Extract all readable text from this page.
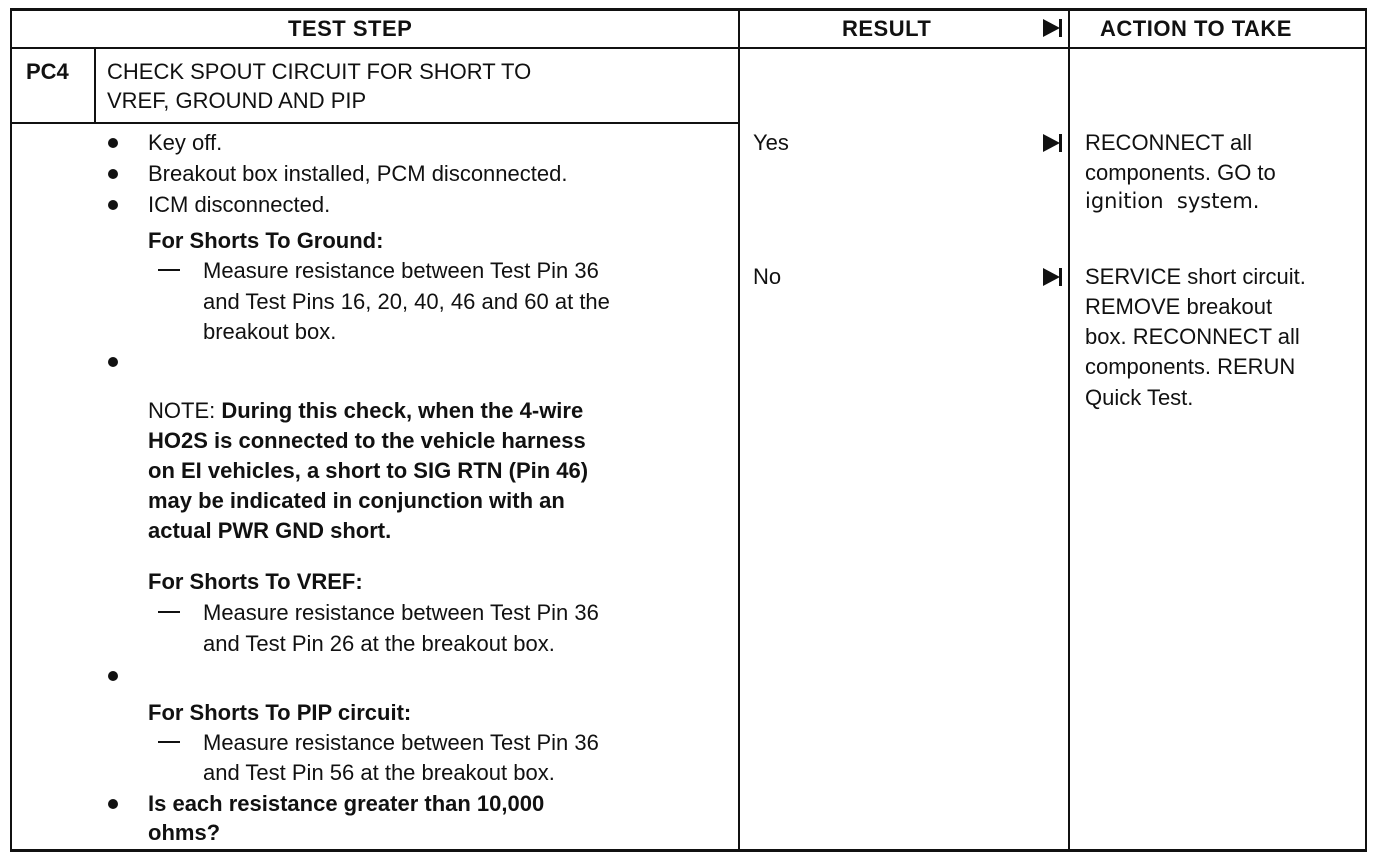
TEST STEP	RESULT	ACTION TO TAKE
PC4 CHECK SPOUT CIRCUIT FOR SHORT TO
VREF, GROUND AND PIP
Key off.
Breakout box installed, PCM disconnected.
ICM disconnected.
For Shorts To Ground:
Measure resistance between Test Pin 36
and Test Pins 16, 20, 40, 46 and 60 at the
breakout box.
NOTE: During this check, when the 4-wire
HO2S is connected to the vehicle harness
on EI vehicles, a short to SIG RTN (Pin 46)
may be indicated in conjunction with an
actual PWR GND short.
For Shorts To VREF:
Measure resistance between Test Pin 36
and Test Pin 26 at the breakout box.
For Shorts To PIP circuit:
Measure resistance between Test Pin 36
and Test Pin 56 at the breakout box.
Is each resistance greater than 10,000
ohms?
Yes
No
RECONNECT all
components. GO to
ignition  system.
SERVICE short circuit.
REMOVE breakout
box. RECONNECT all
components. RERUN
Quick Test.
